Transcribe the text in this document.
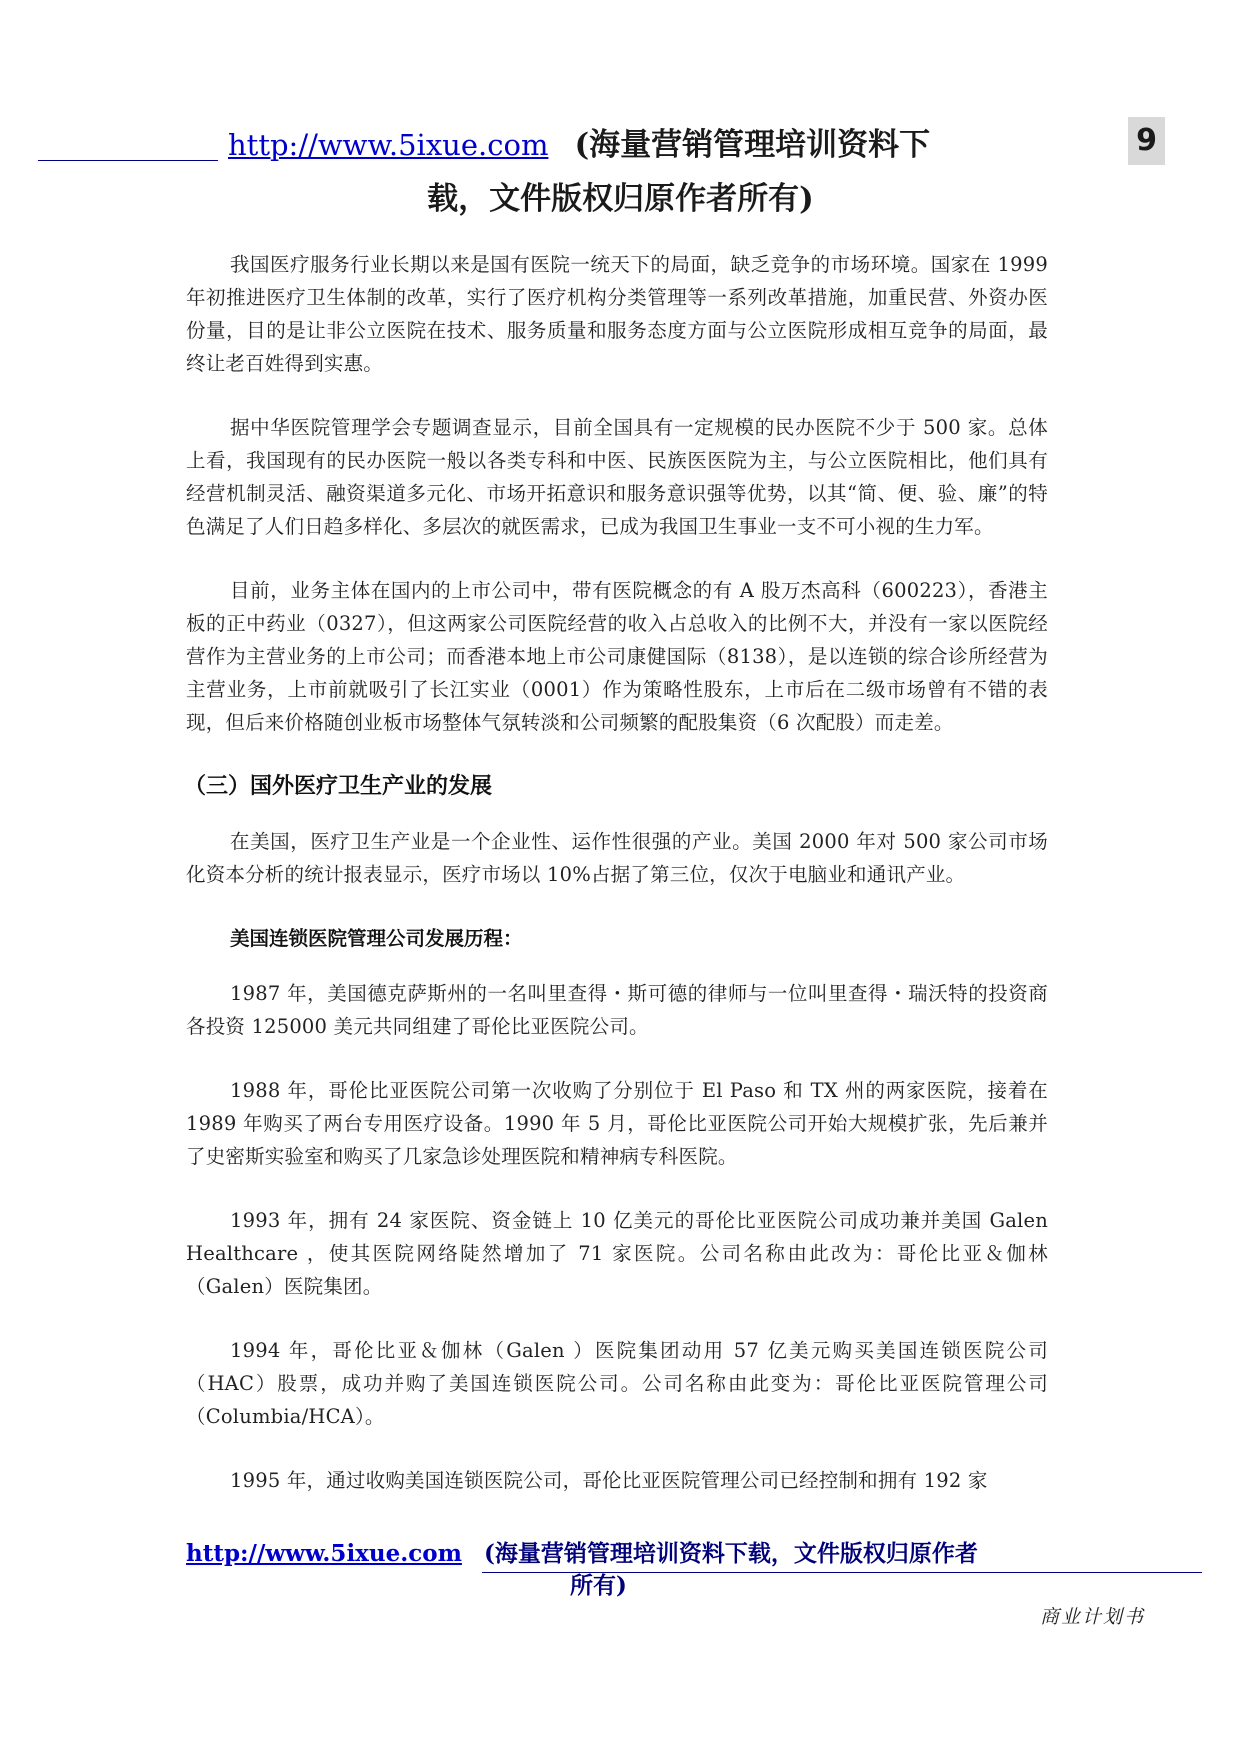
http://www.5ixue.com (海量营销管理培训资料下
载，文件版权归原作者所有)
9

我国医疗服务行业长期以来是国有医院一统天下的局面，缺乏竞争的市场环境。国家在 1999 年初推进医疗卫生体制的改革，实行了医疗机构分类管理等一系列改革措施，加重民营、外资办医份量，目的是让非公立医院在技术、服务质量和服务态度方面与公立医院形成相互竞争的局面，最终让老百姓得到实惠。

据中华医院管理学会专题调查显示，目前全国具有一定规模的民办医院不少于 500 家。总体上看，我国现有的民办医院一般以各类专科和中医、民族医医院为主，与公立医院相比，他们具有经营机制灵活、融资渠道多元化、市场开拓意识和服务意识强等优势，以其“简、便、验、廉”的特色满足了人们日趋多样化、多层次的就医需求，已成为我国卫生事业一支不可小视的生力军。

目前，业务主体在国内的上市公司中，带有医院概念的有 A 股万杰高科（600223），香港主板的正中药业（0327），但这两家公司医院经营的收入占总收入的比例不大，并没有一家以医院经营作为主营业务的上市公司；而香港本地上市公司康健国际（8138），是以连锁的综合诊所经营为主营业务，上市前就吸引了长江实业（0001）作为策略性股东，上市后在二级市场曾有不错的表现，但后来价格随创业板市场整体气氛转淡和公司频繁的配股集资（6 次配股）而走差。

（三）国外医疗卫生产业的发展

在美国，医疗卫生产业是一个企业性、运作性很强的产业。美国 2000 年对 500 家公司市场化资本分析的统计报表显示，医疗市场以 10%占据了第三位，仅次于电脑业和通讯产业。

美国连锁医院管理公司发展历程：

1987 年，美国德克萨斯州的一名叫里查得・斯可德的律师与一位叫里查得・瑞沃特的投资商各投资 125000 美元共同组建了哥伦比亚医院公司。

1988 年，哥伦比亚医院公司第一次收购了分别位于 El Paso 和 TX 州的两家医院，接着在 1989 年购买了两台专用医疗设备。1990 年 5 月，哥伦比亚医院公司开始大规模扩张，先后兼并了史密斯实验室和购买了几家急诊处理医院和精神病专科医院。

1993 年，拥有 24 家医院、资金链上 10 亿美元的哥伦比亚医院公司成功兼并美国 Galen Healthcare ，使其医院网络陡然增加了 71 家医院。公司名称由此改为：哥伦比亚＆伽林（Galen）医院集团。

1994 年，哥伦比亚＆伽林（Galen ）医院集团动用 57 亿美元购买美国连锁医院公司（HAC）股票，成功并购了美国连锁医院公司。公司名称由此变为：哥伦比亚医院管理公司（Columbia/HCA）。

1995 年，通过收购美国连锁医院公司，哥伦比亚医院管理公司已经控制和拥有 192 家

http://www.5ixue.com (海量营销管理培训资料下载，文件版权归原作者
所有)
商业计划书
